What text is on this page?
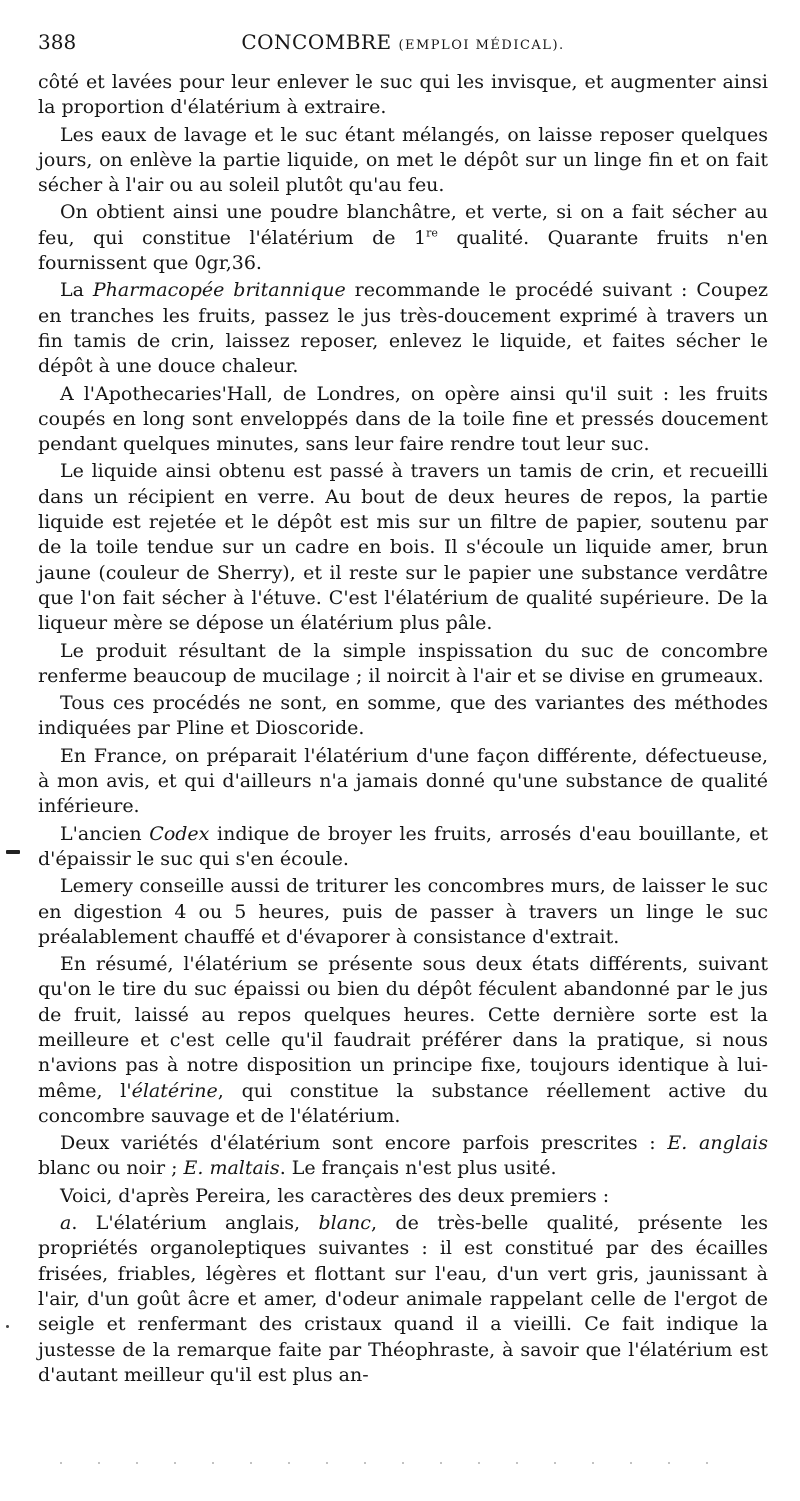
388	CONCOMBRE (EMPLOI MÉDICAL).

côté et lavées pour leur enlever le suc qui les invisque, et augmenter ainsi la proportion d'élatérium à extraire.

Les eaux de lavage et le suc étant mélangés, on laisse reposer quelques jours, on enlève la partie liquide, on met le dépôt sur un linge fin et on fait sécher à l'air ou au soleil plutôt qu'au feu.

On obtient ainsi une poudre blanchâtre, et verte, si on a fait sécher au feu, qui constitue l'élatérium de 1re qualité. Quarante fruits n'en fournissent que 0gr,36.

La Pharmacopée britannique recommande le procédé suivant : Coupez en tranches les fruits, passez le jus très-doucement exprimé à travers un fin tamis de crin, laissez reposer, enlevez le liquide, et faites sécher le dépôt à une douce chaleur.

A l'Apothecaries'Hall, de Londres, on opère ainsi qu'il suit : les fruits coupés en long sont enveloppés dans de la toile fine et pressés doucement pendant quelques minutes, sans leur faire rendre tout leur suc.

Le liquide ainsi obtenu est passé à travers un tamis de crin, et recueilli dans un récipient en verre. Au bout de deux heures de repos, la partie liquide est rejetée et le dépôt est mis sur un filtre de papier, soutenu par de la toile tendue sur un cadre en bois. Il s'écoule un liquide amer, brun jaune (couleur de Sherry), et il reste sur le papier une substance verdâtre que l'on fait sécher à l'étuve. C'est l'élatérium de qualité supérieure. De la liqueur mère se dépose un élatérium plus pâle.

Le produit résultant de la simple inspissation du suc de concombre renferme beaucoup de mucilage ; il noircit à l'air et se divise en grumeaux.

Tous ces procédés ne sont, en somme, que des variantes des méthodes indiquées par Pline et Dioscoride.

En France, on préparait l'élatérium d'une façon différente, défectueuse, à mon avis, et qui d'ailleurs n'a jamais donné qu'une substance de qualité inférieure.

L'ancien Codex indique de broyer les fruits, arrosés d'eau bouillante, et d'épaissir le suc qui s'en écoule.

Lemery conseille aussi de triturer les concombres murs, de laisser le suc en digestion 4 ou 5 heures, puis de passer à travers un linge le suc préalablement chauffé et d'évaporer à consistance d'extrait.

En résumé, l'élatérium se présente sous deux états différents, suivant qu'on le tire du suc épaissi ou bien du dépôt féculent abandonné par le jus de fruit, laissé au repos quelques heures. Cette dernière sorte est la meilleure et c'est celle qu'il faudrait préférer dans la pratique, si nous n'avions pas à notre disposition un principe fixe, toujours identique à lui-même, l'élatérine, qui constitue la substance réellement active du concombre sauvage et de l'élatérium.

Deux variétés d'élatérium sont encore parfois prescrites : E. anglais blanc ou noir ; E. maltais. Le français n'est plus usité.

Voici, d'après Pereira, les caractères des deux premiers :

a. L'élatérium anglais, blanc, de très-belle qualité, présente les propriétés organoleptiques suivantes : il est constitué par des écailles frisées, friables, légères et flottant sur l'eau, d'un vert gris, jaunissant à l'air, d'un goût âcre et amer, d'odeur animale rappelant celle de l'ergot de seigle et renfermant des cristaux quand il a vieilli. Ce fait indique la justesse de la remarque faite par Théophraste, à savoir que l'élatérium est d'autant meilleur qu'il est plus an-
